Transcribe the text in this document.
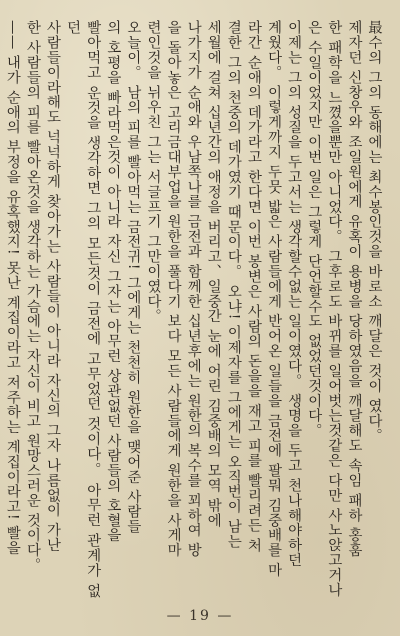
最수의 그의 동해에는 최수봉인것을 바로소 깨달은 것이 였다。

제자던 신창우와 조일원에게 유혹이 용병을 당하였음을 깨달해도 속임 패하 홍훔

한 패학을 느꼈을뿐만 아니었다。 그후로도 바뀌를 일어벗는것같은 다만 사노앉고거나

은 수일이었지만 이번 일은 그렇게 단언할수도 없었던것이다。

이제는 그의 성질을 두고서는 생각할수없는 일이였다。 생명을 두고 천나해야하던

계웠다。 이렇게까지 두뭇 밟은 사람들에게 반어온 일들을 금전에 팔뭐 김중배를 마

라간 순애의 데가라고 한다면 이번 봉변은 사람의 돈을을 재고 피를 빨리려든 처

결한 그의 천중의 데가였기 때문이다。 오냐! 이제자를 그에게는 오직번이 남는

세월에 걸쳐 십년간의 애정을 버리고、일중간 눈에 어린 김중배의 모역 밖에

나가지가 순애와 우남쪽나를 금전과 함께한 십년후에는 원한의 복수를 꾀하여 방

을 돌아놓은 고리금대부업을 원한을 풀다기 보다 모든 사람들에게 원한을 사게마

련인것을 뉘우친 그는 서글프기 그만이였다。

오늘이。 남의 피를 빨아먹는 금전귀! 그에게는 천천히 원한을 맺어준 사람들

의 호평을 빠라먹은것이 아니라 자신 그자는 아무런 상관없던 사람들의 호혈을

빨아먹고 운것을 생각하면 그의 모든것이 금전에 고무었던 것이다。 아무런 관계가 없던

사람들이라해도 넉넉하게 찾아가는 사람들이 아니라 자신의 그자 나름없이 가난

한 사람들의 피를 빨아온것을 생각하는 가슴에는 자신이 비고 원망스러운 것이다。

—— 내가 순애의 부정을 유혹했지! 못난 계집이라고 저주하는 계집이라고! 빨을

— 19 —
